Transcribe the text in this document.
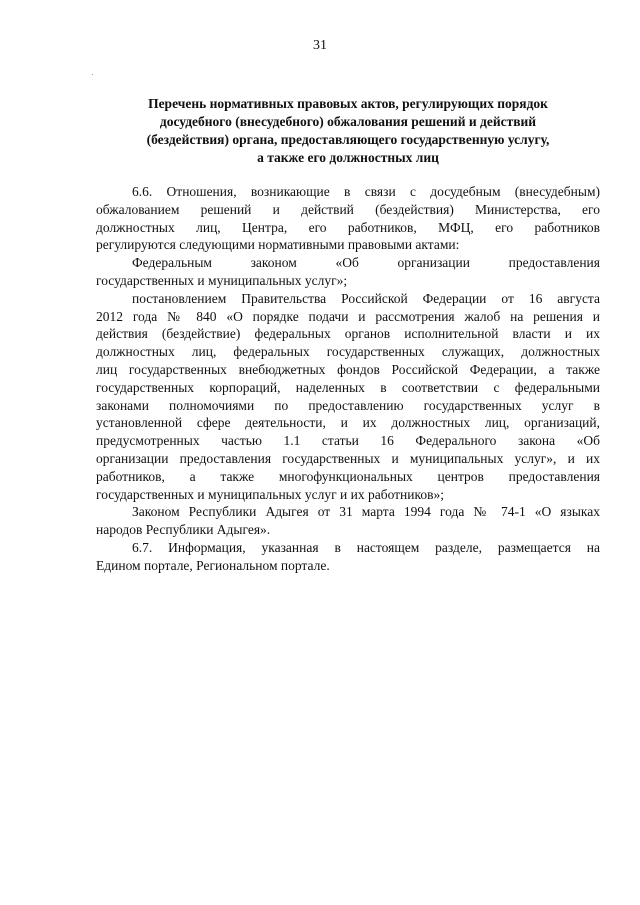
31
Перечень нормативных правовых актов, регулирующих порядок
досудебного (внесудебного) обжалования решений и действий
(бездействия) органа, предоставляющего государственную услугу,
а также его должностных лиц
6.6. Отношения, возникающие в связи с досудебным (внесудебным)
обжалованием решений и действий (бездействия) Министерства, его
должностных лиц, Центра, его работников, МФЦ, его работников
регулируются следующими нормативными правовыми актами:
Федеральным законом «Об организации предоставления
государственных и муниципальных услуг»;
постановлением Правительства Российской Федерации от 16 августа
2012 года № 840 «О порядке подачи и рассмотрения жалоб на решения и
действия (бездействие) федеральных органов исполнительной власти и их
должностных лиц, федеральных государственных служащих, должностных
лиц государственных внебюджетных фондов Российской Федерации, а также
государственных корпораций, наделенных в соответствии с федеральными
законами полномочиями по предоставлению государственных услуг в
установленной сфере деятельности, и их должностных лиц, организаций,
предусмотренных частью 1.1 статьи 16 Федерального закона «Об
организации предоставления государственных и муниципальных услуг», и их
работников, а также многофункциональных центров предоставления
государственных и муниципальных услуг и их работников»;
Законом Республики Адыгея от 31 марта 1994 года № 74-1 «О языках
народов Республики Адыгея».
6.7. Информация, указанная в настоящем разделе, размещается на
Едином портале, Региональном портале.
